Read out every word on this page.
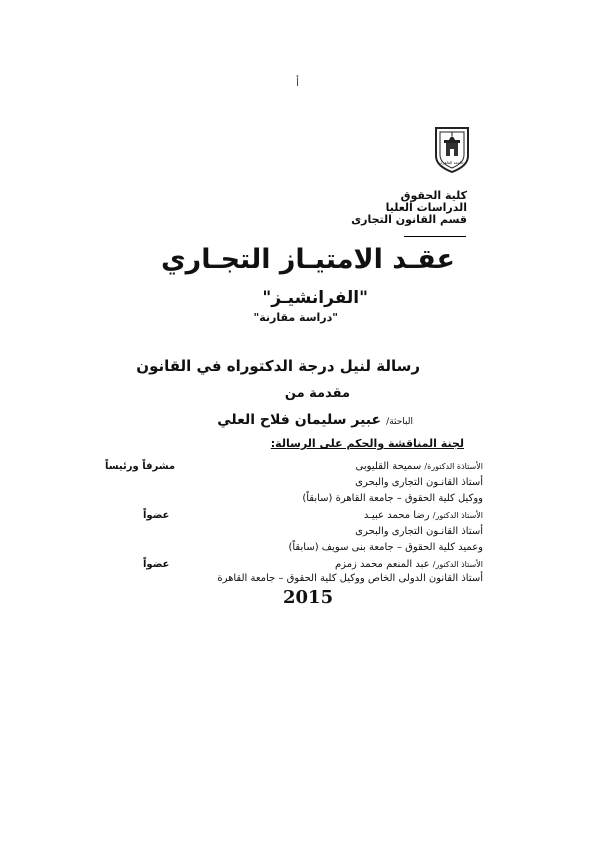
أ
جامعة القاهرة
كلية الحقوق
الدراسات العليا
قسم القانون التجارى
عقـد الامتيـاز التجـاري
"الفرانشيـز"
"دراسة مقارنة"
رسالة لنيل درجة الدكتوراه في القانون
مقدمة من
الباحثة/ عبير سليمان فلاح العلي
لجنة المناقشة والحكم على الرسالة:
الأستاذة الدكتورة/ سميحة القليوبى
مشرفاً ورئيساً
أستاذ القانـون التجارى والبحرى
ووكيل كلية الحقوق – جامعة القاهرة (سابقاً)
الأستاذ الدكتور/ رضا محمد عبيـد
عضواً
أستاذ القانـون التجارى والبحرى
وعميد كلية الحقوق – جامعة بنى سويف (سابقاً)
الأستاذ الدكتور/ عبد المنعم محمد زمزم
عضواً
أستاذ القانون الدولى الخاص ووكيل كلية الحقوق – جامعة القاهرة
2015
